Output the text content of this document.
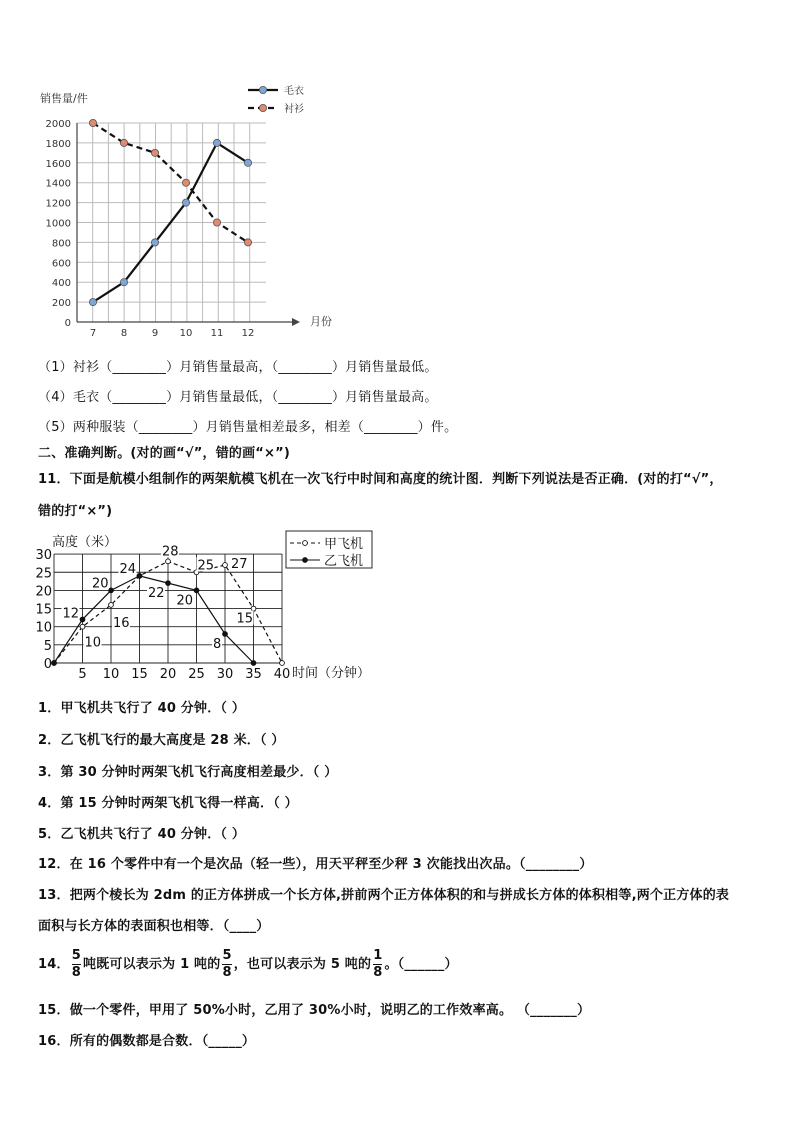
销售量/件
0
200
400
600
800
1000
1200
1400
1600
1800
2000
7 8 9 10 11 12
毛衣
衬衫
月份
（1）衬衫（________）月销售量最高，（________）月销售量最低。
（4）毛衣（________）月销售量最低，（________）月销售量最高。
（5）两种服装（________）月销售量相差最多，相差（________）件。
二、准确判断。(对的画“√”，错的画“×”)
11．下面是航模小组制作的两架航模飞机在一次飞行中时间和高度的统计图．判断下列说法是否正确．(对的打“√”，
错的打“×”)
高度（米）
0
5
10
15
20
25
30
5 10 15 20 25 30 35 40
10
16
28
25 27
15
12
20
24
22 20
8
甲飞机
乙飞机
时间（分钟）
1．甲飞机共飞行了 40 分钟．（ ）
2．乙飞机飞行的最大高度是 28 米．（ ）
3．第 30 分钟时两架飞机飞行高度相差最少．（ ）
4．第 15 分钟时两架飞机飞得一样高．（ ）
5．乙飞机共飞行了 40 分钟．（ ）
12．在 16 个零件中有一个是次品（轻一些），用天平秤至少秤 3 次能找出次品。（________）
13．把两个棱长为 2dm 的正方体拼成一个长方体,拼前两个正方体体积的和与拼成长方体的体积相等,两个正方体的表
面积与长方体的表面积也相等．（____）
14． $\frac{5}{8}$ 吨既可以表示为 1 吨的 $\frac{5}{8}$ ，也可以表示为 5 吨的 $\frac{1}{8}$ 。（______）
15．做一个零件，甲用了 50%小时，乙用了 30%小时，说明乙的工作效率高。 （_______）
16．所有的偶数都是合数．（_____）
